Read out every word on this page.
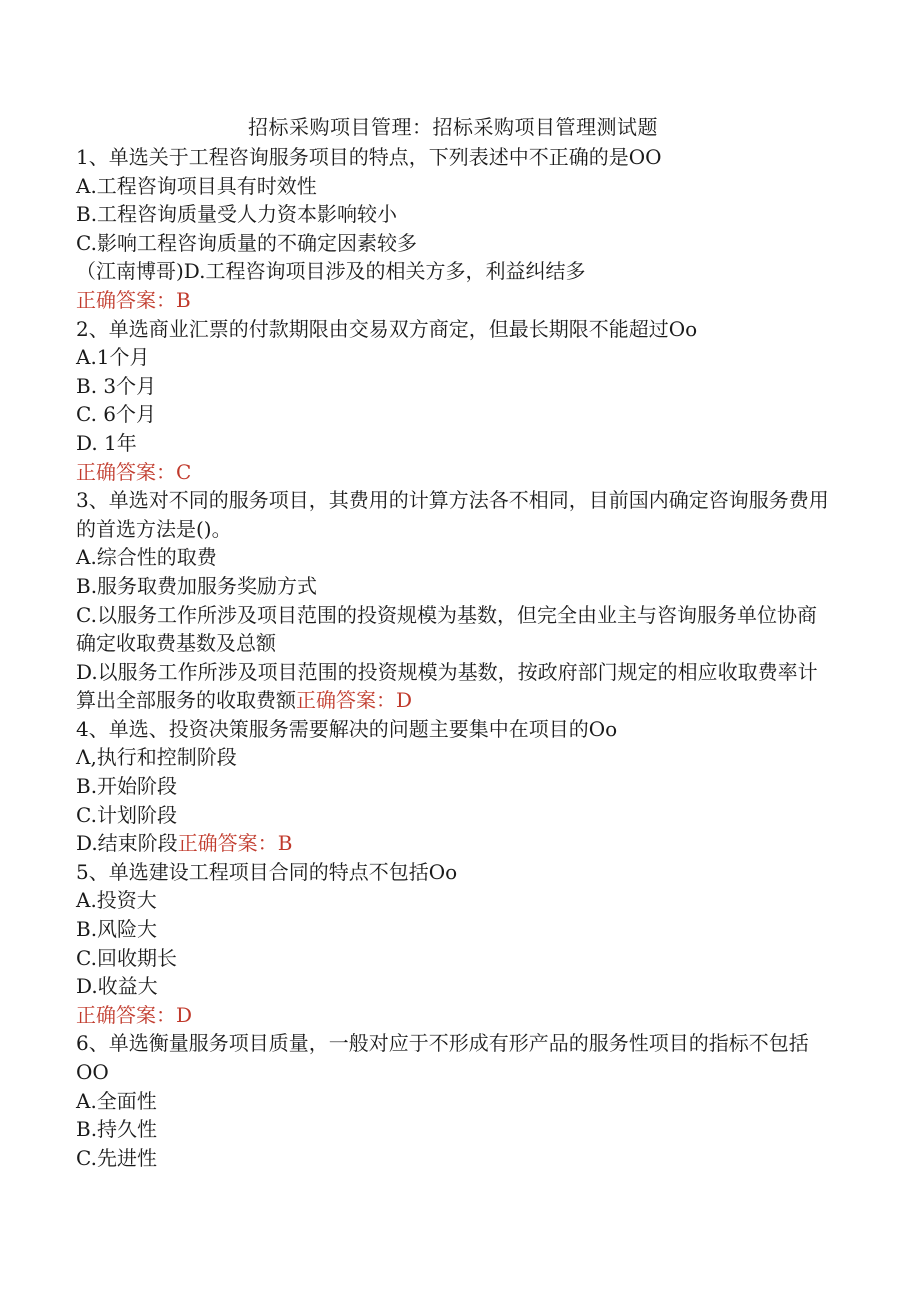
招标采购项目管理：招标采购项目管理测试题

1、单选关于工程咨询服务项目的特点，下列表述中不正确的是OO

A.工程咨询项目具有时效性

B.工程咨询质量受人力资本影响较小

C.影响工程咨询质量的不确定因素较多

（江南博哥)D.工程咨询项目涉及的相关方多，利益纠结多

正确答案：B

2、单选商业汇票的付款期限由交易双方商定，但最长期限不能超过Oo

A.1个月

B. 3个月

C. 6个月

D. 1年

正确答案：C

3、单选对不同的服务项目，其费用的计算方法各不相同，目前国内确定咨询服务费用的首选方法是()。

A.综合性的取费

B.服务取费加服务奖励方式

C.以服务工作所涉及项目范围的投资规模为基数，但完全由业主与咨询服务单位协商确定收取费基数及总额

D.以服务工作所涉及项目范围的投资规模为基数，按政府部门规定的相应收取费率计算出全部服务的收取费额正确答案：D

4、单选、投资决策服务需要解决的问题主要集中在项目的Oo

Λ,执行和控制阶段

B.开始阶段

C.计划阶段

D.结束阶段正确答案：B

5、单选建设工程项目合同的特点不包括Oo

A.投资大

B.风险大

C.回收期长

D.收益大

正确答案：D

6、单选衡量服务项目质量，一般对应于不形成有形产品的服务性项目的指标不包括OO

A.全面性

B.持久性

C.先进性
